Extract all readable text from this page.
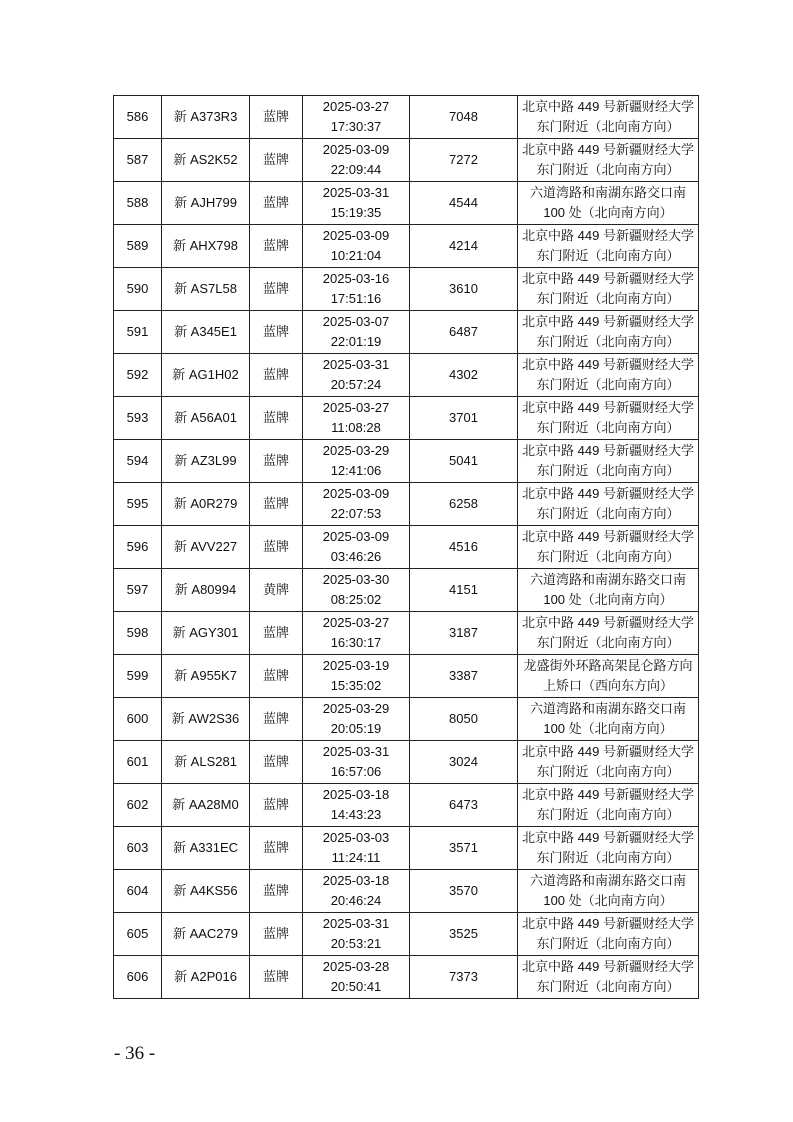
586	新 A373R3	蓝牌	2025-03-27
17:30:37	7048	北京中路 449 号新疆财经大学
东门附近（北向南方向）

587	新 AS2K52	蓝牌	2025-03-09
22:09:44	7272	北京中路 449 号新疆财经大学
东门附近（北向南方向）

588	新 AJH799	蓝牌	2025-03-31
15:19:35	4544	六道湾路和南湖东路交口南
100 处（北向南方向）

589	新 AHX798	蓝牌	2025-03-09
10:21:04	4214	北京中路 449 号新疆财经大学
东门附近（北向南方向）

590	新 AS7L58	蓝牌	2025-03-16
17:51:16	3610	北京中路 449 号新疆财经大学
东门附近（北向南方向）

591	新 A345E1	蓝牌	2025-03-07
22:01:19	6487	北京中路 449 号新疆财经大学
东门附近（北向南方向）

592	新 AG1H02	蓝牌	2025-03-31
20:57:24	4302	北京中路 449 号新疆财经大学
东门附近（北向南方向）

593	新 A56A01	蓝牌	2025-03-27
11:08:28	3701	北京中路 449 号新疆财经大学
东门附近（北向南方向）

594	新 AZ3L99	蓝牌	2025-03-29
12:41:06	5041	北京中路 449 号新疆财经大学
东门附近（北向南方向）

595	新 A0R279	蓝牌	2025-03-09
22:07:53	6258	北京中路 449 号新疆财经大学
东门附近（北向南方向）

596	新 AVV227	蓝牌	2025-03-09
03:46:26	4516	北京中路 449 号新疆财经大学
东门附近（北向南方向）

597	新 A80994	黄牌	2025-03-30
08:25:02	4151	六道湾路和南湖东路交口南
100 处（北向南方向）

598	新 AGY301	蓝牌	2025-03-27
16:30:17	3187	北京中路 449 号新疆财经大学
东门附近（北向南方向）

599	新 A955K7	蓝牌	2025-03-19
15:35:02	3387	龙盛街外环路高架昆仑路方向
上矫口（西向东方向）

600	新 AW2S36	蓝牌	2025-03-29
20:05:19	8050	六道湾路和南湖东路交口南
100 处（北向南方向）

601	新 ALS281	蓝牌	2025-03-31
16:57:06	3024	北京中路 449 号新疆财经大学
东门附近（北向南方向）

602	新 AA28M0	蓝牌	2025-03-18
14:43:23	6473	北京中路 449 号新疆财经大学
东门附近（北向南方向）

603	新 A331EC	蓝牌	2025-03-03
11:24:11	3571	北京中路 449 号新疆财经大学
东门附近（北向南方向）

604	新 A4KS56	蓝牌	2025-03-18
20:46:24	3570	六道湾路和南湖东路交口南
100 处（北向南方向）

605	新 AAC279	蓝牌	2025-03-31
20:53:21	3525	北京中路 449 号新疆财经大学
东门附近（北向南方向）

606	新 A2P016	蓝牌	2025-03-28
20:50:41	7373	北京中路 449 号新疆财经大学
东门附近（北向南方向）
- 36 -
